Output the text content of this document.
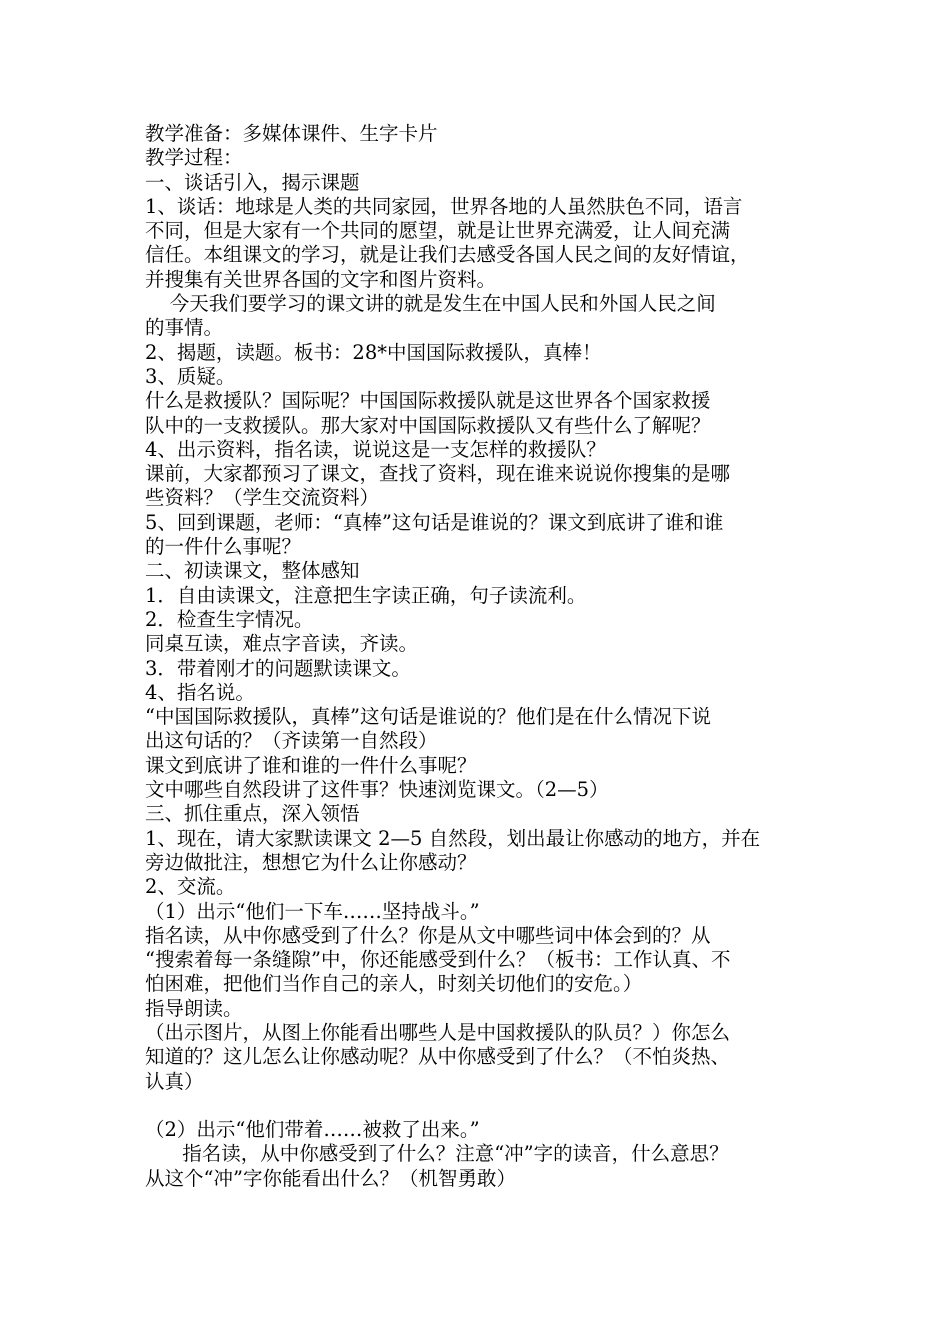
教学准备：多媒体课件、生字卡片
教学过程：
一、谈话引入，揭示课题
1、谈话：地球是人类的共同家园，世界各地的人虽然肤色不同，语言
不同，但是大家有一个共同的愿望，就是让世界充满爱，让人间充满
信任。本组课文的学习，就是让我们去感受各国人民之间的友好情谊，
并搜集有关世界各国的文字和图片资料。
今天我们要学习的课文讲的就是发生在中国人民和外国人民之间
的事情。
2、揭题，读题。板书：28*中国国际救援队，真棒！
3、质疑。
什么是救援队？国际呢？中国国际救援队就是这世界各个国家救援
队中的一支救援队。那大家对中国国际救援队又有些什么了解呢？
4、出示资料，指名读，说说这是一支怎样的救援队？
课前，大家都预习了课文，查找了资料，现在谁来说说你搜集的是哪
些资料？（学生交流资料）
5、回到课题，老师：“真棒”这句话是谁说的？课文到底讲了谁和谁
的一件什么事呢？
二、初读课文，整体感知
1．自由读课文，注意把生字读正确，句子读流利。
2．检查生字情况。
同桌互读，难点字音读，齐读。
3．带着刚才的问题默读课文。
4、指名说。
“中国国际救援队，真棒”这句话是谁说的？他们是在什么情况下说
出这句话的？（齐读第一自然段）
课文到底讲了谁和谁的一件什么事呢？
文中哪些自然段讲了这件事？快速浏览课文。（2—5）
三、抓住重点，深入领悟
1、现在，请大家默读课文 2—5 自然段，划出最让你感动的地方，并在
旁边做批注，想想它为什么让你感动？
2、交流。
（1）出示“他们一下车……坚持战斗。”
指名读，从中你感受到了什么？你是从文中哪些词中体会到的？从
“搜索着每一条缝隙”中，你还能感受到什么？（板书：工作认真、不
怕困难，把他们当作自己的亲人，时刻关切他们的安危。）
指导朗读。
（出示图片，从图上你能看出哪些人是中国救援队的队员？）你怎么
知道的？这儿怎么让你感动呢？从中你感受到了什么？（不怕炎热、
认真）
（2）出示“他们带着……被救了出来。”
指名读，从中你感受到了什么？注意“冲”字的读音，什么意思？
从这个“冲”字你能看出什么？（机智勇敢）
